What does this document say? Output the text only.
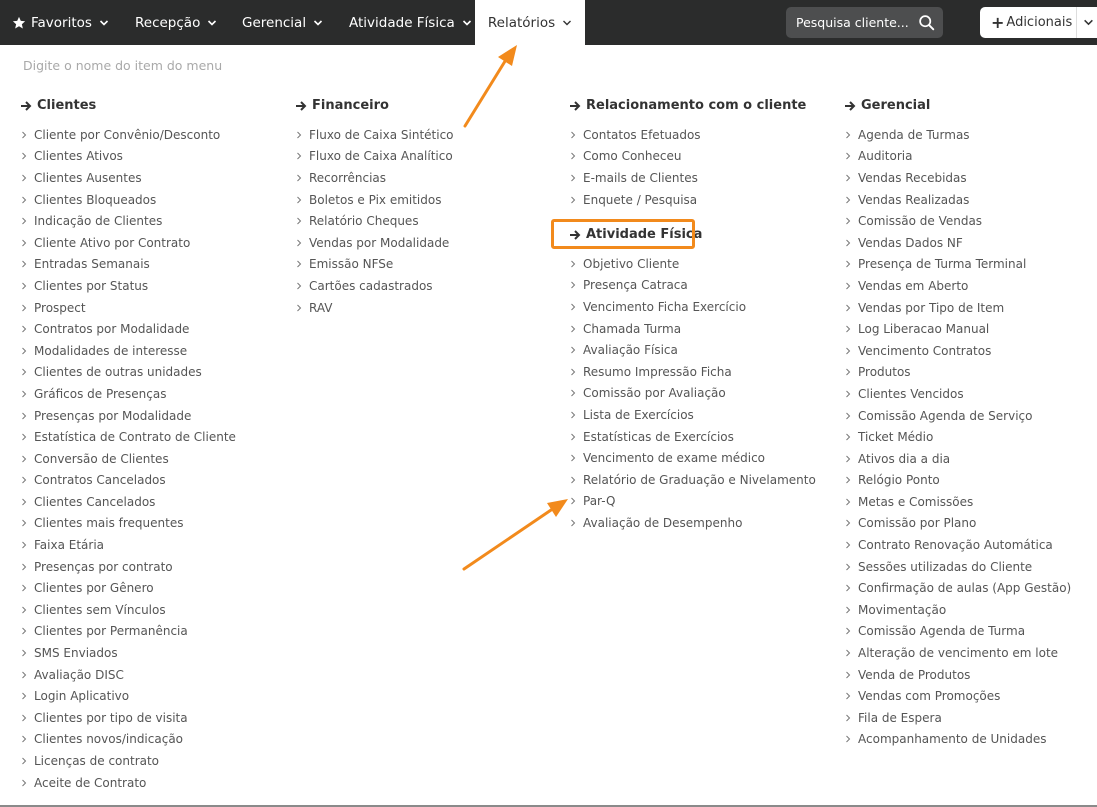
Favoritos	Recepção	Gerencial	Atividade Física Relatórios	Pesquisa cliente...	+ Adicionais
Digite o nome do item do menu
Clientes
Cliente por Convênio/Desconto
Clientes Ativos
Clientes Ausentes
Clientes Bloqueados
Indicação de Clientes
Cliente Ativo por Contrato
Entradas Semanais
Clientes por Status
Prospect
Contratos por Modalidade
Modalidades de interesse
Clientes de outras unidades
Gráficos de Presenças
Presenças por Modalidade
Estatística de Contrato de Cliente
Conversão de Clientes
Contratos Cancelados
Clientes Cancelados
Clientes mais frequentes
Faixa Etária
Presenças por contrato
Clientes por Gênero
Clientes sem Vínculos
Clientes por Permanência
SMS Enviados
Avaliação DISC
Login Aplicativo
Clientes por tipo de visita
Clientes novos/indicação
Licenças de contrato
Aceite de Contrato
Financeiro
Fluxo de Caixa Sintético
Fluxo de Caixa Analítico
Recorrências
Boletos e Pix emitidos
Relatório Cheques
Vendas por Modalidade
Emissão NFSe
Cartões cadastrados
RAV
Relacionamento com o cliente
Contatos Efetuados
Como Conheceu
E-mails de Clientes
Enquete / Pesquisa
Atividade Física
Objetivo Cliente
Presença Catraca
Vencimento Ficha Exercício
Chamada Turma
Avaliação Física
Resumo Impressão Ficha
Comissão por Avaliação
Lista de Exercícios
Estatísticas de Exercícios
Vencimento de exame médico
Relatório de Graduação e Nivelamento
Par-Q
Avaliação de Desempenho
Gerencial
Agenda de Turmas
Auditoria
Vendas Recebidas
Vendas Realizadas
Comissão de Vendas
Vendas Dados NF
Presença de Turma Terminal
Vendas em Aberto
Vendas por Tipo de Item
Log Liberacao Manual
Vencimento Contratos
Produtos
Clientes Vencidos
Comissão Agenda de Serviço
Ticket Médio
Ativos dia a dia
Relógio Ponto
Metas e Comissões
Comissão por Plano
Contrato Renovação Automática
Sessões utilizadas do Cliente
Confirmação de aulas (App Gestão)
Movimentação
Comissão Agenda de Turma
Alteração de vencimento em lote
Venda de Produtos
Vendas com Promoções
Fila de Espera
Acompanhamento de Unidades
